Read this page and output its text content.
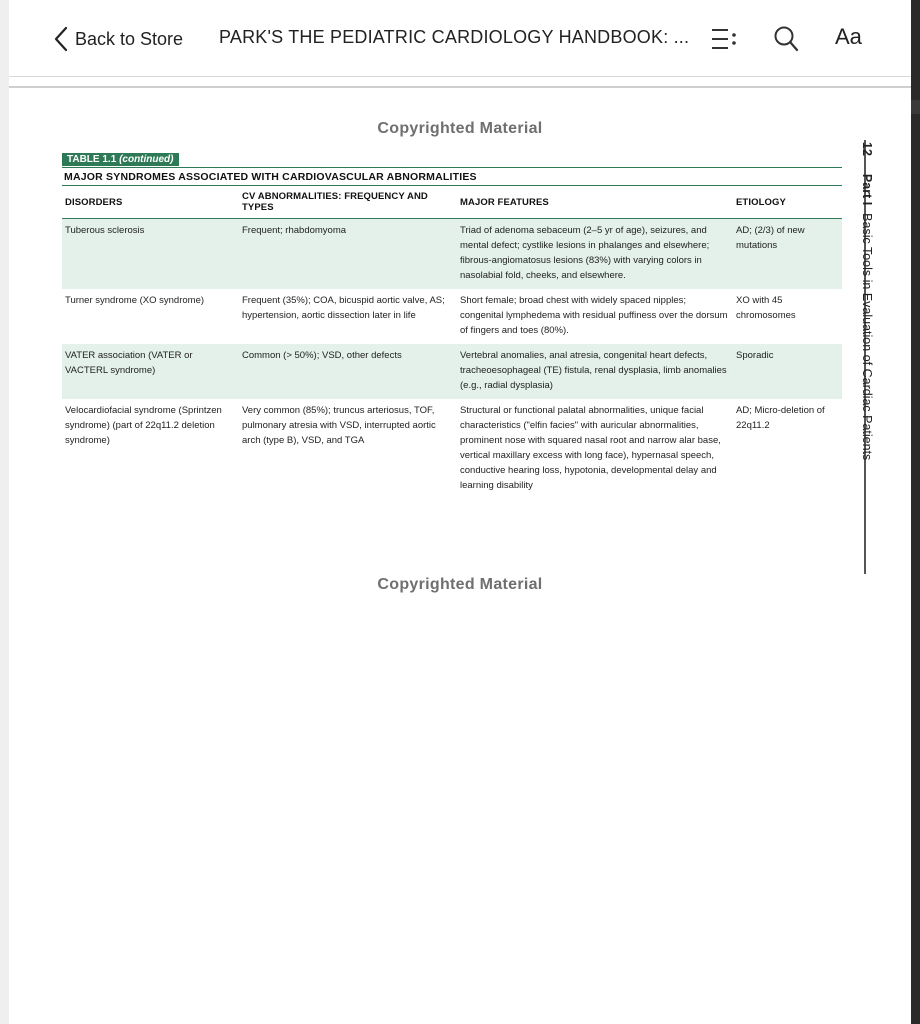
Back to Store PARK'S THE PEDIATRIC CARDIOLOGY HANDBOOK: ...	Aa
Copyrighted Material
TABLE 1.1 (continued)
MAJOR SYNDROMES ASSOCIATED WITH CARDIOVASCULAR ABNORMALITIES
DISORDERS	CV ABNORMALITIES: FREQUENCY AND TYPES	MAJOR FEATURES	ETIOLOGY
Tuberous sclerosis	Frequent; rhabdomyoma	Triad of adenoma sebaceum (2–5 yr of age), seizures, and mental defect; cystlike lesions in phalanges and elsewhere; fibrous-angiomatosus lesions (83%) with varying colors in nasolabial fold, cheeks, and elsewhere.	AD; (2/3) of new mutations
Turner syndrome (XO syndrome)	Frequent (35%); COA, bicuspid aortic valve, AS; hypertension, aortic dissection later in life	Short female; broad chest with widely spaced nipples; congenital lymphedema with residual puffiness over the dorsum of fingers and toes (80%).	XO with 45 chromosomes
VATER association (VATER or VACTERL syndrome)	Common (> 50%); VSD, other defects	Vertebral anomalies, anal atresia, congenital heart defects, tracheoesophageal (TE) fistula, renal dysplasia, limb anomalies (e.g., radial dysplasia)	Sporadic
Velocardiofacial syndrome (Sprintzen syndrome) (part of 22q11.2 deletion syndrome)	Very common (85%); truncus arteriosus, TOF, pulmonary atresia with VSD, interrupted aortic arch (type B), VSD, and TGA	Structural or functional palatal abnormalities, unique facial characteristics ("elfin facies" with auricular abnormalities, prominent nose with squared nasal root and narrow alar base, vertical maxillary excess with long face), hypernasal speech, conductive hearing loss, hypotonia, developmental delay and learning disability	AD; Micro-deletion of 22q11.2
12Part IBasic Tools in Evaluation of Cardiac Patients
Copyrighted Material
